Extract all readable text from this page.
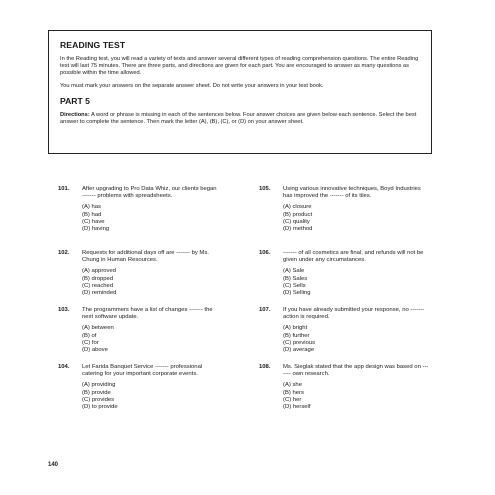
READING TEST

In the Reading test, you will read a variety of texts and answer several different types of reading comprehension questions. The entire Reading test will last 75 minutes. There are three parts, and directions are given for each part. You are encouraged to answer as many questions as possible within the time allowed.

You must mark your answers on the separate answer sheet. Do not write your answers in your test book.

PART 5

Directions: A word or phrase is missing in each of the sentences below. Four answer choices are given below each sentence. Select the best answer to complete the sentence. Then mark the letter (A), (B), (C), or (D) on your answer sheet.

101. After upgrading to Pro Data Whiz, our clients began ------- problems with spreadsheets.
(A) has
(B) had
(C) have
(D) having
102. Requests for additional days off are ------- by Ms. Chung in Human Resources.
(A) approved
(B) dropped
(C) reached
(D) reminded
103. The programmers have a list of changes ------- the next software update.
(A) between
(B) of
(C) for
(D) above
104. Let Farida Banquet Service ------- professional catering for your important corporate events.
(A) providing
(B) provide
(C) provides
(D) to provide
105. Using various innovative techniques, Boyd Industries has improved the ------- of its tiles.
(A) closure
(B) product
(C) quality
(D) method
106. ------- of all cosmetics are final, and refunds will not be given under any circumstances.
(A) Sale
(B) Sales
(C) Sells
(D) Selling
107. If you have already submitted your response, no ------- action is required.
(A) bright
(B) further
(C) previous
(D) average
108. Ms. Sieglak stated that the app design was based on ------- own research.
(A) she
(B) hers
(C) her
(D) herself
140
